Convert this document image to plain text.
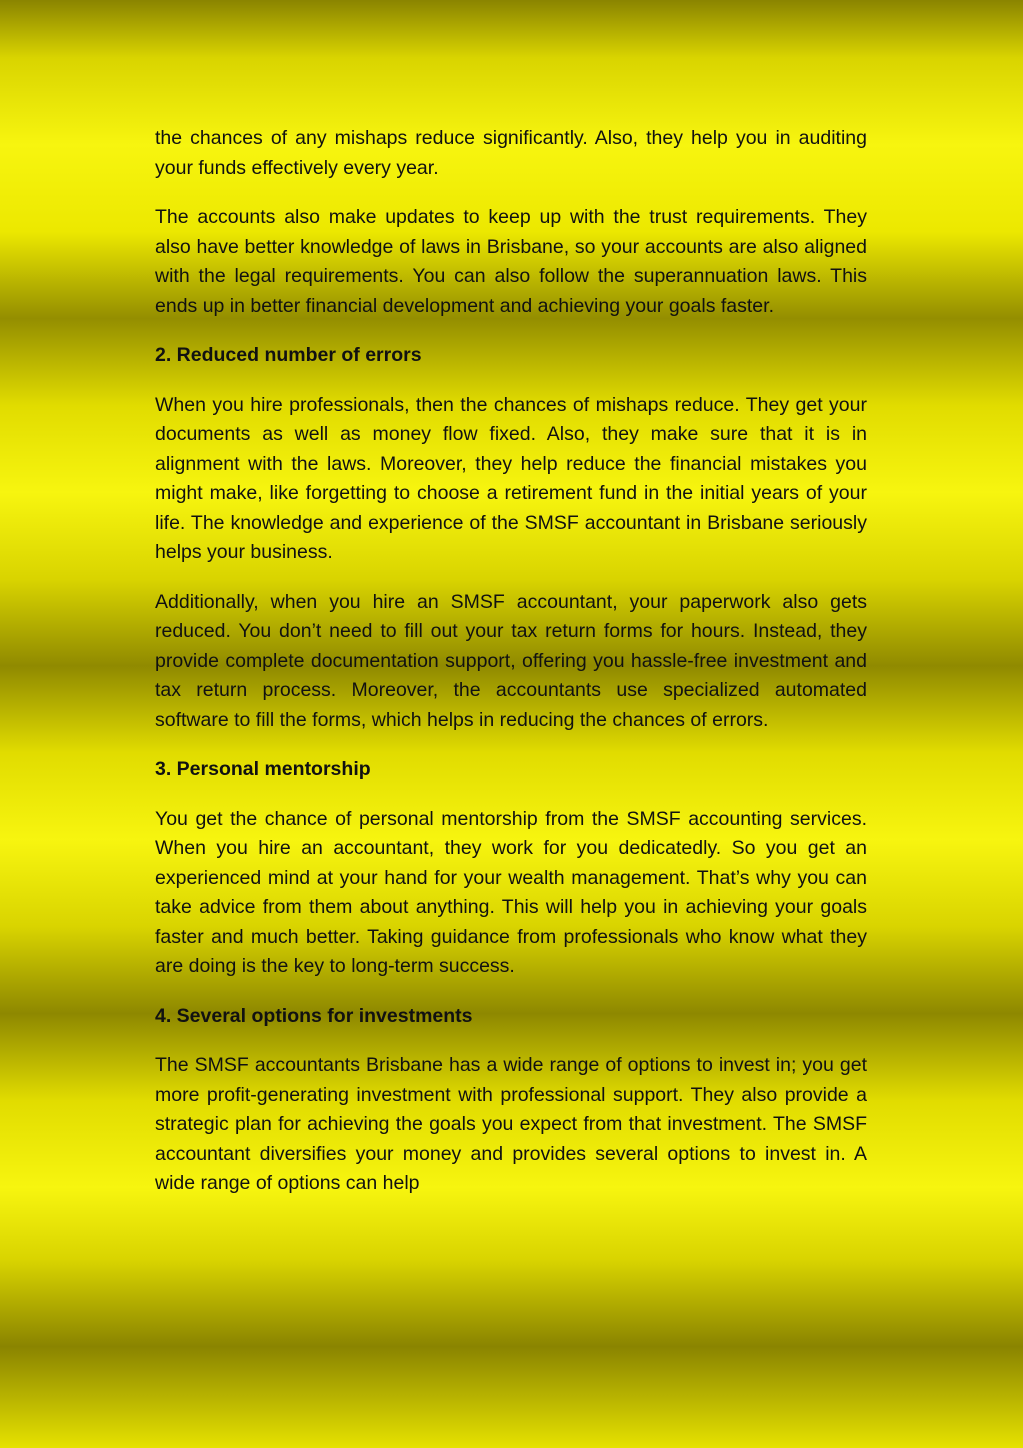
the chances of any mishaps reduce significantly. Also, they help you in auditing your funds effectively every year.

The accounts also make updates to keep up with the trust requirements. They also have better knowledge of laws in Brisbane, so your accounts are also aligned with the legal requirements. You can also follow the superannuation laws. This ends up in better financial development and achieving your goals faster.

2. Reduced number of errors

When you hire professionals, then the chances of mishaps reduce. They get your documents as well as money flow fixed. Also, they make sure that it is in alignment with the laws. Moreover, they help reduce the financial mistakes you might make, like forgetting to choose a retirement fund in the initial years of your life. The knowledge and experience of the SMSF accountant in Brisbane seriously helps your business.

Additionally, when you hire an SMSF accountant, your paperwork also gets reduced. You don’t need to fill out your tax return forms for hours. Instead, they provide complete documentation support, offering you hassle-free investment and tax return process. Moreover, the accountants use specialized automated software to fill the forms, which helps in reducing the chances of errors.

3. Personal mentorship

You get the chance of personal mentorship from the SMSF accounting services. When you hire an accountant, they work for you dedicatedly. So you get an experienced mind at your hand for your wealth management. That’s why you can take advice from them about anything. This will help you in achieving your goals faster and much better. Taking guidance from professionals who know what they are doing is the key to long-term success.

4. Several options for investments

The SMSF accountants Brisbane has a wide range of options to invest in; you get more profit-generating investment with professional support. They also provide a strategic plan for achieving the goals you expect from that investment. The SMSF accountant diversifies your money and provides several options to invest in. A wide range of options can help
